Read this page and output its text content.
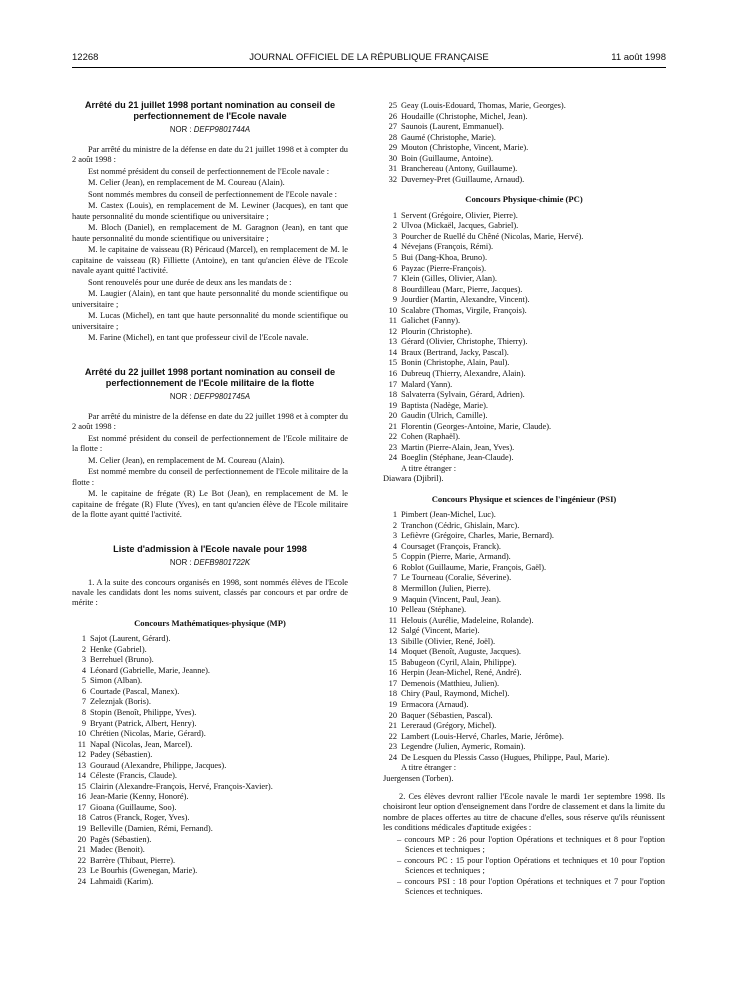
12268	JOURNAL OFFICIEL DE LA RÉPUBLIQUE FRANÇAISE	11 août 1998

Arrêté du 21 juillet 1998 portant nomination au conseil de perfectionnement de l'Ecole navale

NOR : DEFP9801744A

Par arrêté du ministre de la défense en date du 21 juillet 1998 et à compter du 2 août 1998 :

Est nommé président du conseil de perfectionnement de l'Ecole navale :

M. Celier (Jean), en remplacement de M. Coureau (Alain).

Sont nommés membres du conseil de perfectionnement de l'Ecole navale :

M. Castex (Louis), en remplacement de M. Lewiner (Jacques), en tant que haute personnalité du monde scientifique ou universitaire ;

M. Bloch (Daniel), en remplacement de M. Garagnon (Jean), en tant que haute personnalité du monde scientifique ou universitaire ;

M. le capitaine de vaisseau (R) Péricaud (Marcel), en remplacement de M. le capitaine de vaisseau (R) Filliette (Antoine), en tant qu'ancien élève de l'Ecole navale ayant quitté l'activité.

Sont renouvelés pour une durée de deux ans les mandats de :

M. Laugier (Alain), en tant que haute personnalité du monde scientifique ou universitaire ;

M. Lucas (Michel), en tant que haute personnalité du monde scientifique ou universitaire ;

M. Farine (Michel), en tant que professeur civil de l'Ecole navale.

Arrêté du 22 juillet 1998 portant nomination au conseil de perfectionnement de l'Ecole militaire de la flotte

NOR : DEFP9801745A

Par arrêté du ministre de la défense en date du 22 juillet 1998 et à compter du 2 août 1998 :

Est nommé président du conseil de perfectionnement de l'Ecole militaire de la flotte :

M. Celier (Jean), en remplacement de M. Coureau (Alain).

Est nommé membre du conseil de perfectionnement de l'Ecole militaire de la flotte :

M. le capitaine de frégate (R) Le Bot (Jean), en remplacement de M. le capitaine de frégate (R) Flute (Yves), en tant qu'ancien élève de l'Ecole militaire de la flotte ayant quitté l'activité.

Liste d'admission à l'Ecole navale pour 1998

NOR : DEFB9801722K

1. A la suite des concours organisés en 1998, sont nommés élèves de l'Ecole navale les candidats dont les noms suivent, classés par concours et par ordre de mérite :

Concours Mathématiques-physique (MP)

1 Sajot (Laurent, Gérard).
2 Henke (Gabriel).
3 Berrehuel (Bruno).
4 Léonard (Gabrielle, Marie, Jeanne).
5 Simon (Alban).
6 Courtade (Pascal, Manex).
7 Zeleznjak (Boris).
8 Stopin (Benoît, Philippe, Yves).
9 Bryant (Patrick, Albert, Henry).
10 Chrétien (Nicolas, Marie, Gérard).
11 Napal (Nicolas, Jean, Marcel).
12 Padey (Sébastien).
13 Gouraud (Alexandre, Philippe, Jacques).
14 Céleste (Francis, Claude).
15 Clairin (Alexandre-François, Hervé, François-Xavier).
16 Jean-Marie (Kenny, Honoré).
17 Gioana (Guillaume, Soo).
18 Catros (Franck, Roger, Yves).
19 Belleville (Damien, Rémi, Fernand).
20 Pagès (Sébastien).
21 Madec (Benoit).
22 Barrère (Thibaut, Pierre).
23 Le Bourhis (Gwenegan, Marie).
24 Lahmaidi (Karim).
25 Geay (Louis-Edouard, Thomas, Marie, Georges).
26 Houdaille (Christophe, Michel, Jean).
27 Saunois (Laurent, Emmanuel).
28 Gaumé (Christophe, Marie).
29 Mouton (Christophe, Vincent, Marie).
30 Boin (Guillaume, Antoine).
31 Branchereau (Antony, Guillaume).
32 Duverney-Pret (Guillaume, Arnaud).

Concours Physique-chimie (PC)

1 Servent (Grégoire, Olivier, Pierre).
2 Ulvoa (Mickaël, Jacques, Gabriel).
3 Pourcher de Ruellé du Chêné (Nicolas, Marie, Hervé).
4 Névejans (François, Rémi).
5 Bui (Dang-Khoa, Bruno).
6 Payzac (Pierre-François).
7 Klein (Gilles, Olivier, Alan).
8 Bourdilleau (Marc, Pierre, Jacques).
9 Jourdier (Martin, Alexandre, Vincent).
10 Scalabre (Thomas, Virgile, François).
11 Galichet (Fanny).
12 Plourin (Christophe).
13 Gérard (Olivier, Christophe, Thierry).
14 Braux (Bertrand, Jacky, Pascal).
15 Bonin (Christophe, Alain, Paul).
16 Dubreuq (Thierry, Alexandre, Alain).
17 Malard (Yann).
18 Salvaterra (Sylvain, Gérard, Adrien).
19 Baptista (Nadège, Marie).
20 Gaudin (Ulrich, Camille).
21 Florentin (Georges-Antoine, Marie, Claude).
22 Cohen (Raphaël).
23 Martin (Pierre-Alain, Jean, Yves).
24 Boeglin (Stéphane, Jean-Claude).
A titre étranger :
Diawara (Djibril).

Concours Physique et sciences de l'ingénieur (PSI)

1 Pimbert (Jean-Michel, Luc).
2 Tranchon (Cédric, Ghislain, Marc).
3 Lefièvre (Grégoire, Charles, Marie, Bernard).
4 Coursaget (François, Franck).
5 Coppin (Pierre, Marie, Armand).
6 Roblot (Guillaume, Marie, François, Gaël).
7 Le Tourneau (Coralie, Séverine).
8 Mermillon (Julien, Pierre).
9 Maquin (Vincent, Paul, Jean).
10 Pelleau (Stéphane).
11 Helouis (Aurélie, Madeleine, Rolande).
12 Salgé (Vincent, Marie).
13 Sibille (Olivier, René, Joël).
14 Moquet (Benoît, Auguste, Jacques).
15 Babugeon (Cyril, Alain, Philippe).
16 Herpin (Jean-Michel, René, André).
17 Demenois (Matthieu, Julien).
18 Chiry (Paul, Raymond, Michel).
19 Ermacora (Arnaud).
20 Baquer (Sébastien, Pascal).
21 Lereraud (Grégory, Michel).
22 Lambert (Louis-Hervé, Charles, Marie, Jérôme).
23 Legendre (Julien, Aymeric, Romain).
24 De Lesquen du Plessis Casso (Hugues, Philippe, Paul, Marie).
A titre étranger :
Juergensen (Torben).

2. Ces élèves devront rallier l'Ecole navale le mardi 1er septembre 1998. Ils choisiront leur option d'enseignement dans l'ordre de classement et dans la limite du nombre de places offertes au titre de chacune d'elles, sous réserve qu'ils réunissent les conditions médicales d'aptitude exigées :

– concours MP : 26 pour l'option Opérations et techniques et 8 pour l'option Sciences et techniques ;
– concours PC : 15 pour l'option Opérations et techniques et 10 pour l'option Sciences et techniques ;
– concours PSI : 18 pour l'option Opérations et techniques et 7 pour l'option Sciences et techniques.
